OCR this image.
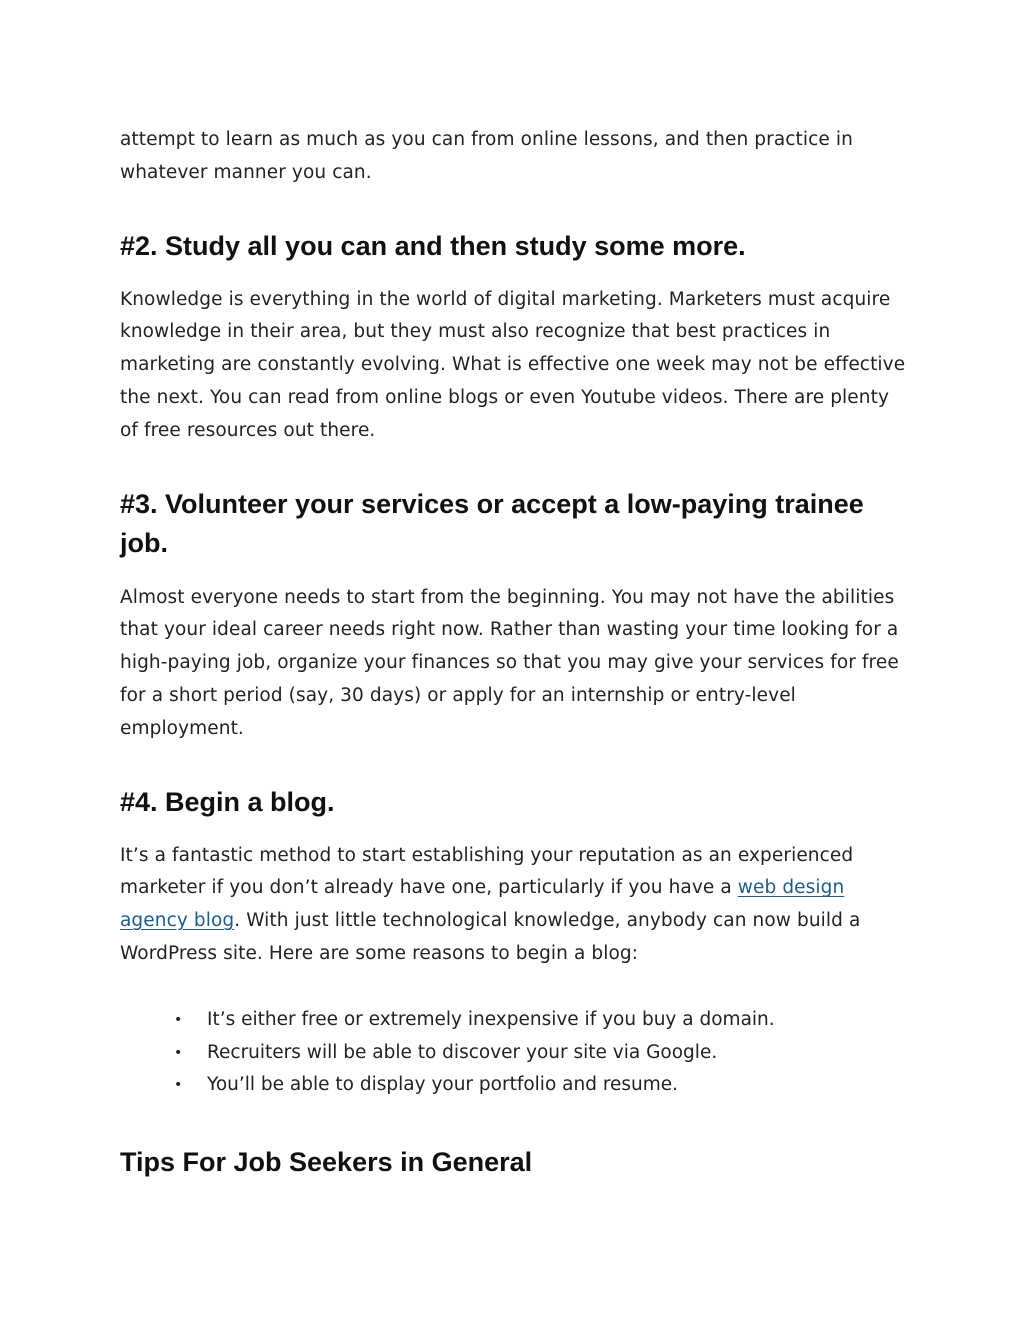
attempt to learn as much as you can from online lessons, and then practice in whatever manner you can.

#2. Study all you can and then study some more.

Knowledge is everything in the world of digital marketing. Marketers must acquire knowledge in their area, but they must also recognize that best practices in marketing are constantly evolving. What is effective one week may not be effective the next. You can read from online blogs or even Youtube videos. There are plenty of free resources out there.

#3. Volunteer your services or accept a low-paying trainee job.

Almost everyone needs to start from the beginning. You may not have the abilities that your ideal career needs right now. Rather than wasting your time looking for a high-paying job, organize your finances so that you may give your services for free for a short period (say, 30 days) or apply for an internship or entry-level employment.

#4. Begin a blog.

It’s a fantastic method to start establishing your reputation as an experienced marketer if you don’t already have one, particularly if you have a web design agency blog. With just little technological knowledge, anybody can now build a WordPress site. Here are some reasons to begin a blog:

• It’s either free or extremely inexpensive if you buy a domain.
• Recruiters will be able to discover your site via Google.
• You’ll be able to display your portfolio and resume.
Tips For Job Seekers in General
